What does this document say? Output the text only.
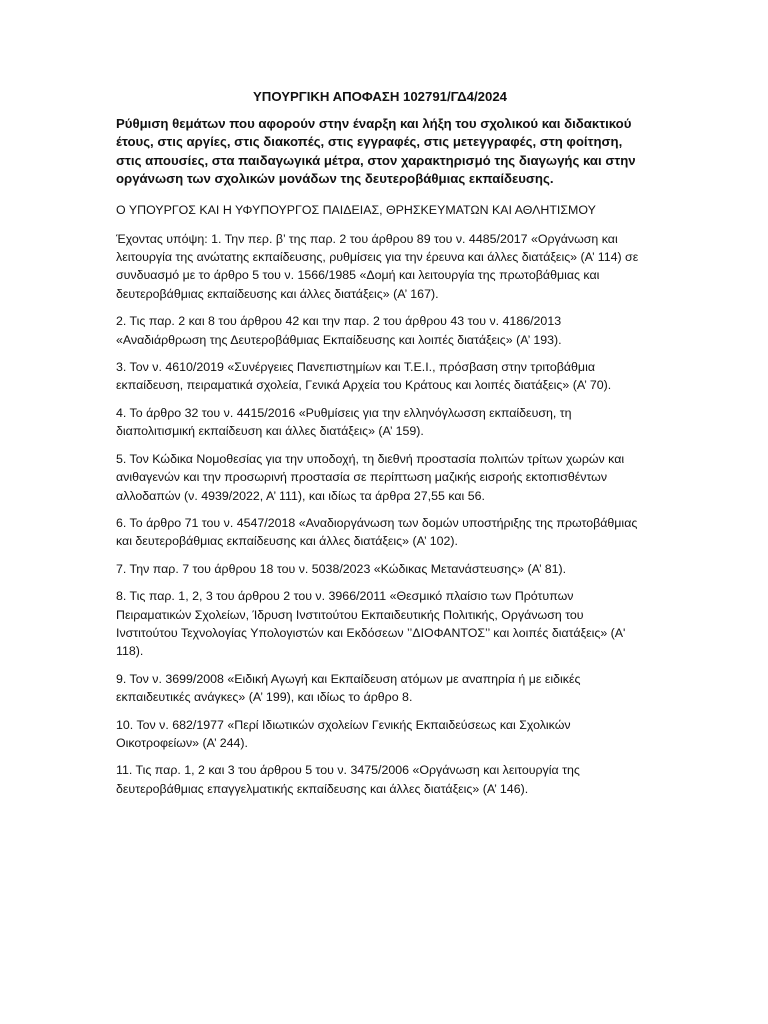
ΥΠΟΥΡΓΙΚΗ ΑΠΟΦΑΣΗ 102791/ΓΔ4/2024
Ρύθμιση θεμάτων που αφορούν στην έναρξη και λήξη του σχολικού και διδακτικού έτους, στις αργίες, στις διακοπές, στις εγγραφές, στις μετεγγραφές, στη φοίτηση, στις απουσίες, στα παιδαγωγικά μέτρα, στον χαρακτηρισμό της διαγωγής και στην οργάνωση των σχολικών μονάδων της δευτεροβάθμιας εκπαίδευσης.
Ο ΥΠΟΥΡΓΟΣ ΚΑΙ Η ΥΦΥΠΟΥΡΓΟΣ ΠΑΙΔΕΙΑΣ, ΘΡΗΣΚΕΥΜΑΤΩΝ ΚΑΙ ΑΘΛΗΤΙΣΜΟΥ

Έχοντας υπόψη: 1. Την περ. β’ της παρ. 2 του άρθρου 89 του ν. 4485/2017 «Οργάνωση και λειτουργία της ανώτατης εκπαίδευσης, ρυθμίσεις για την έρευνα και άλλες διατάξεις» (Α’ 114) σε συνδυασμό με το άρθρο 5 του ν. 1566/1985 «Δομή και λειτουργία της πρωτοβάθμιας και δευτεροβάθμιας εκπαίδευσης και άλλες διατάξεις» (Α’ 167).

2. Τις παρ. 2 και 8 του άρθρου 42 και την παρ. 2 του άρθρου 43 του ν. 4186/2013 «Αναδιάρθρωση της Δευτεροβάθμιας Εκπαίδευσης και λοιπές διατάξεις» (Α’ 193).

3. Τον ν. 4610/2019 «Συνέργειες Πανεπιστημίων και Τ.Ε.Ι., πρόσβαση στην τριτοβάθμια εκπαίδευση, πειραματικά σχολεία, Γενικά Αρχεία του Κράτους και λοιπές διατάξεις» (Α’ 70).

4. Το άρθρο 32 του ν. 4415/2016 «Ρυθμίσεις για την ελληνόγλωσση εκπαίδευση, τη διαπολιτισμική εκπαίδευση και άλλες διατάξεις» (Α’ 159).

5. Τον Κώδικα Νομοθεσίας για την υποδοχή, τη διεθνή προστασία πολιτών τρίτων χωρών και ανιθαγενών και την προσωρινή προστασία σε περίπτωση μαζικής εισροής εκτοπισθέντων αλλοδαπών (ν. 4939/2022, Α’ 111), και ιδίως τα άρθρα 27,55 και 56.

6. Το άρθρο 71 του ν. 4547/2018 «Αναδιοργάνωση των δομών υποστήριξης της πρωτοβάθμιας και δευτεροβάθμιας εκπαίδευσης και άλλες διατάξεις» (Α’ 102).

7. Την παρ. 7 του άρθρου 18 του ν. 5038/2023 «Κώδικας Μετανάστευσης» (Α’ 81).

8. Τις παρ. 1, 2, 3 του άρθρου 2 του ν. 3966/2011 «Θεσμικό πλαίσιο των Πρότυπων Πειραματικών Σχολείων, Ίδρυση Ινστιτούτου Εκπαιδευτικής Πολιτικής, Οργάνωση του Ινστιτούτου Τεχνολογίας Υπολογιστών και Εκδόσεων ’’ΔΙΟΦΑΝΤΟΣ’’ και λοιπές διατάξεις» (Α' 118).

9. Τον ν. 3699/2008 «Ειδική Αγωγή και Εκπαίδευση ατόμων με αναπηρία ή με ειδικές εκπαιδευτικές ανάγκες» (Α’ 199), και ιδίως το άρθρο 8.

10. Τον ν. 682/1977 «Περί Ιδιωτικών σχολείων Γενικής Εκπαιδεύσεως και Σχολικών Οικοτροφείων» (Α’ 244).

11. Τις παρ. 1, 2 και 3 του άρθρου 5 του ν. 3475/2006 «Οργάνωση και λειτουργία της δευτεροβάθμιας επαγγελματικής εκπαίδευσης και άλλες διατάξεις» (Α’ 146).
